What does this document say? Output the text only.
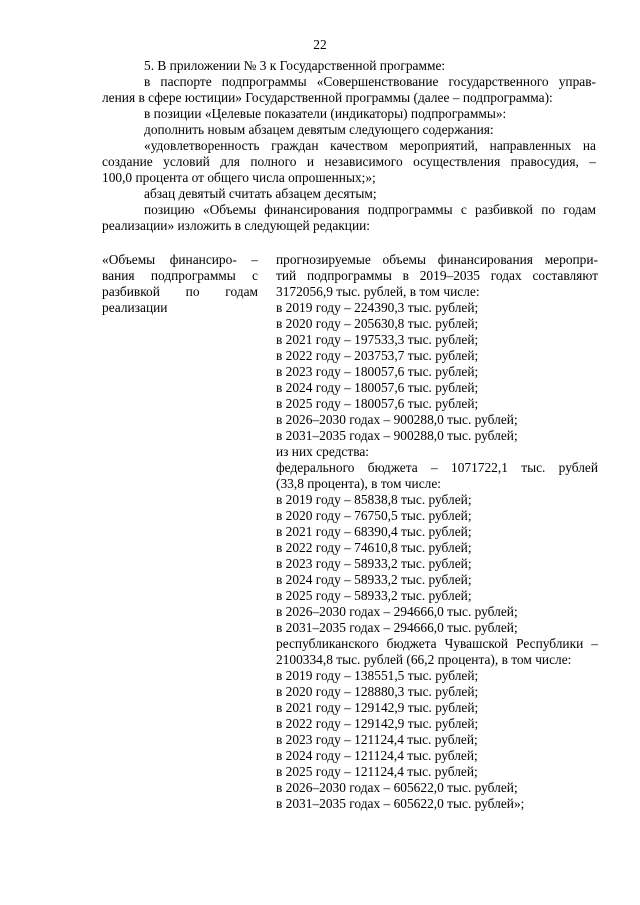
22

5. В приложении № 3 к Государственной программе:

в паспорте подпрограммы «Совершенствование государственного управ-

ления в сфере юстиции» Государственной программы (далее – подпрограмма):

в позиции «Целевые показатели (индикаторы) подпрограммы»:

дополнить новым абзацем девятым следующего содержания:

«удовлетворенность граждан качеством мероприятий, направленных на

создание условий для полного и независимого осуществления правосудия, –

100,0 процента от общего числа опрошенных;»;

абзац девятый считать абзацем десятым;

позицию «Объемы финансирования подпрограммы с разбивкой по годам

реализации» изложить в следующей редакции:

«Объемы финансиро- –

вания подпрограммы с

разбивкой по годам

реализации

прогнозируемые объемы финансирования меропри-

тий подпрограммы в 2019–2035 годах составляют

3172056,9 тыс. рублей, в том числе:

в 2019 году – 224390,3 тыс. рублей;

в 2020 году – 205630,8 тыс. рублей;

в 2021 году – 197533,3 тыс. рублей;

в 2022 году – 203753,7 тыс. рублей;

в 2023 году – 180057,6 тыс. рублей;

в 2024 году – 180057,6 тыс. рублей;

в 2025 году – 180057,6 тыс. рублей;

в 2026–2030 годах – 900288,0 тыс. рублей;

в 2031–2035 годах – 900288,0 тыс. рублей;

из них средства:

федерального бюджета – 1071722,1 тыс. рублей

(33,8 процента), в том числе:

в 2019 году – 85838,8 тыс. рублей;

в 2020 году – 76750,5 тыс. рублей;

в 2021 году – 68390,4 тыс. рублей;

в 2022 году – 74610,8 тыс. рублей;

в 2023 году – 58933,2 тыс. рублей;

в 2024 году – 58933,2 тыс. рублей;

в 2025 году – 58933,2 тыс. рублей;

в 2026–2030 годах – 294666,0 тыс. рублей;

в 2031–2035 годах – 294666,0 тыс. рублей;

республиканского бюджета Чувашской Республики –

2100334,8 тыс. рублей (66,2 процента), в том числе:

в 2019 году – 138551,5 тыс. рублей;

в 2020 году – 128880,3 тыс. рублей;

в 2021 году – 129142,9 тыс. рублей;

в 2022 году – 129142,9 тыс. рублей;

в 2023 году – 121124,4 тыс. рублей;

в 2024 году – 121124,4 тыс. рублей;

в 2025 году – 121124,4 тыс. рублей;

в 2026–2030 годах – 605622,0 тыс. рублей;

в 2031–2035 годах – 605622,0 тыс. рублей»;
